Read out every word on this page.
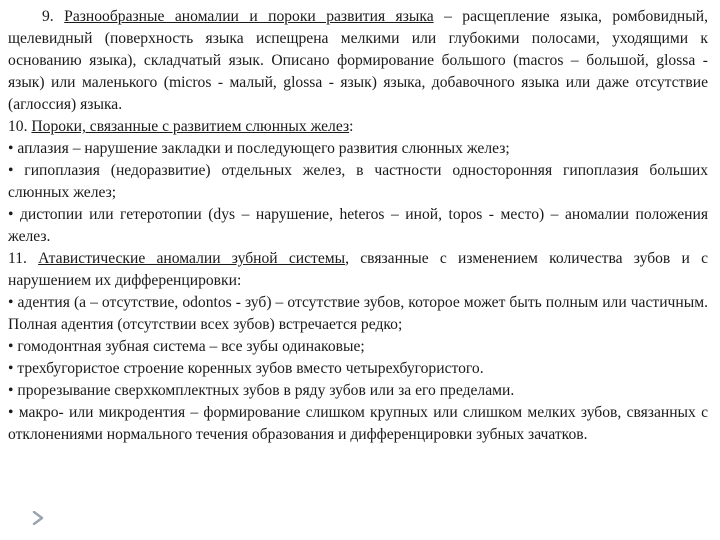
9. Разнообразные аномалии и пороки развития языка – расщепление языка, ромбовидный, щелевидный (поверхность языка испещрена мелкими или глубокими полосами, уходящими к основанию языка), складчатый язык. Описано формирование большого (macros – большой, glossa - язык) или маленького (micros - малый, glossa - язык) языка, добавочного языка или даже отсутствие (аглоссия) языка.

10. Пороки, связанные с развитием слюнных желез:

• аплазия – нарушение закладки и последующего развития слюнных желез;

• гипоплазия (недоразвитие) отдельных желез, в частности односторонняя гипоплазия больших слюнных желез;

• дистопии или гетеротопии (dys – нарушение, heteros – иной, topos - место) – аномалии положения желез.

11. Атавистические аномалии зубной системы, связанные с изменением количества зубов и с нарушением их дифференцировки:

• адентия (а – отсутствие, odontos - зуб) – отсутствие зубов, которое может быть полным или частичным. Полная адентия (отсутствии всех зубов) встречается редко;

• гомодонтная зубная система – все зубы одинаковые;

• трехбугористое строение коренных зубов вместо четырехбугористого.

• прорезывание сверхкомплектных зубов в ряду зубов или за его пределами.

• макро- или микродентия – формирование слишком крупных или слишком мелких зубов, связанных с отклонениями нормального течения образования и дифференцировки зубных зачатков.
